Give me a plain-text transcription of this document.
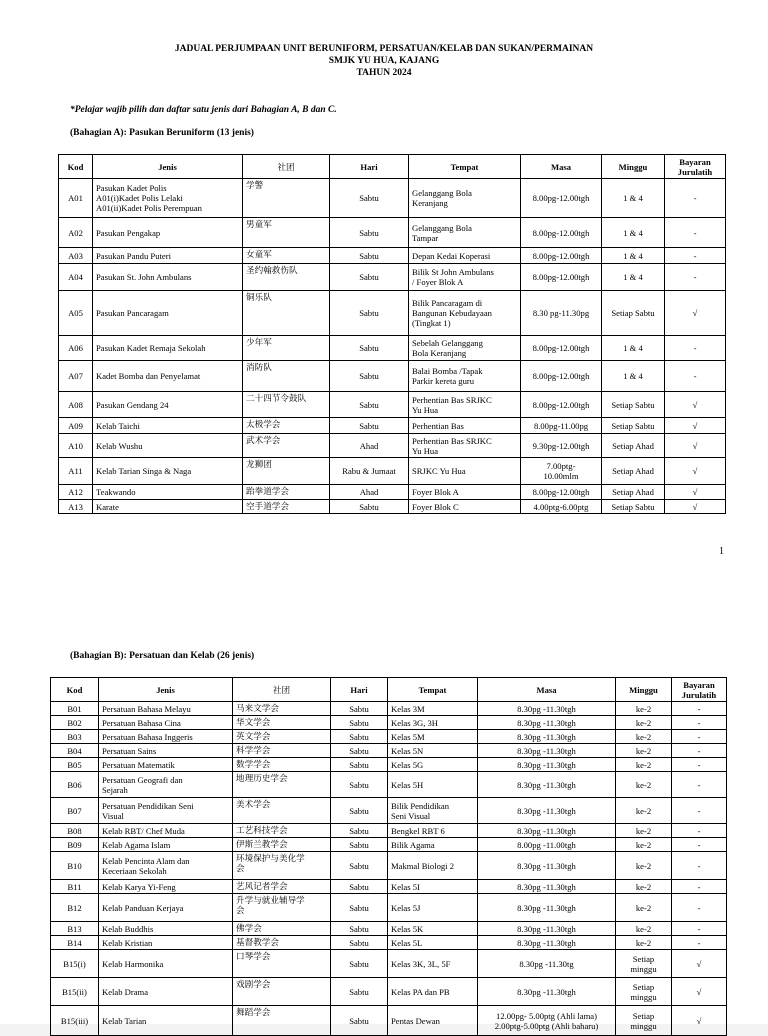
JADUAL PERJUMPAAN UNIT BERUNIFORM, PERSATUAN/KELAB DAN SUKAN/PERMAINAN
SMJK YU HUA, KAJANG
TAHUN 2024
*Pelajar wajib pilih dan daftar satu jenis dari Bahagian A, B dan C.
(Bahagian A): Pasukan Beruniform (13 jenis)
Kod	Jenis	社团	Hari	Tempat	Masa	Minggu	Bayaran Jurulatih
A01	Pasukan Kadet Polis
A01(i)Kadet Polis Lelaki
A01(ii)Kadet Polis Perempuan	学警	Sabtu	Gelanggang Bola
Keranjang	8.00pg-12.00tgh	1 & 4	-
A02	Pasukan Pengakap	男童军	Sabtu	Gelanggang Bola
Tampar	8.00pg-12.00tgh	1 & 4	-
A03	Pasukan Pandu Puteri	女童军	Sabtu	Depan Kedai Koperasi	8.00pg-12.00tgh	1 & 4	-
A04	Pasukan St. John Ambulans	圣约翰救伤队	Sabtu	Bilik St John Ambulans
/ Foyer Blok A	8.00pg-12.00tgh	1 & 4	-
A05	Pasukan Pancaragam	铜乐队	Sabtu	Bilik Pancaragam di
Bangunan Kebudayaan
(Tingkat 1)	8.30 pg-11.30pg	Setiap Sabtu	√
A06	Pasukan Kadet Remaja Sekolah	少年军	Sabtu	Sebelah Gelanggang
Bola Keranjang	8.00pg-12.00tgh	1 & 4	-
A07	Kadet Bomba dan Penyelamat	消防队	Sabtu	Balai Bomba /Tapak
Parkir kereta guru	8.00pg-12.00tgh	1 & 4	-
A08	Pasukan Gendang 24	二十四节令鼓队	Sabtu	Perhentian Bas SRJKC
Yu Hua	8.00pg-12.00tgh	Setiap Sabtu	√
A09	Kelab Taichi	太极学会	Sabtu	Perhentian Bas	8.00pg-11.00pg	Setiap Sabtu	√
A10	Kelab Wushu	武术学会	Ahad	Perhentian Bas SRJKC
Yu Hua	9.30pg-12.00tgh	Setiap Ahad	√
A11	Kelab Tarian Singa & Naga	龙狮团	Rabu & Jumaat	SRJKC Yu Hua	7.00ptg-
10.00mlm	Setiap Ahad	√
A12	Teakwando	跆拳道学会	Ahad	Foyer Blok A	8.00pg-12.00tgh	Setiap Ahad	√
A13	Karate	空手道学会	Sabtu	Foyer Blok C	4.00ptg-6.00ptg	Setiap Sabtu	√
1
(Bahagian B): Persatuan dan Kelab (26 jenis)
Kod	Jenis	社团	Hari	Tempat	Masa	Minggu	Bayaran Jurulatih
B01	Persatuan Bahasa Melayu	马来文学会	Sabtu	Kelas 3M	8.30pg -11.30tgh	ke-2	-
B02	Persatuan Bahasa Cina	华文学会	Sabtu	Kelas 3G, 3H	8.30pg -11.30tgh	ke-2	-
B03	Persatuan Bahasa Inggeris	英文学会	Sabtu	Kelas 5M	8.30pg -11.30tgh	ke-2	-
B04	Persatuan Sains	科学学会	Sabtu	Kelas 5N	8.30pg -11.30tgh	ke-2	-
B05	Persatuan Matematik	数学学会	Sabtu	Kelas 5G	8.30pg -11.30tgh	ke-2	-
B06	Persatuan Geografi dan
Sejarah	地理历史学会	Sabtu	Kelas 5H	8.30pg -11.30tgh	ke-2	-
B07	Persatuan Pendidikan Seni
Visual	美术学会	Sabtu	Bilik Pendidikan
Seni Visual	8.30pg -11.30tgh	ke-2	-
B08	Kelab RBT/ Chef Muda	工艺科技学会	Sabtu	Bengkel RBT 6	8.30pg -11.30tgh	ke-2	-
B09	Kelab Agama Islam	伊斯兰教学会	Sabtu	Bilik Agama	8.00pg -11.00tgh	ke-2	-
B10	Kelab Pencinta Alam dan
Keceriaan Sekolah	环境保护与美化学
会	Sabtu	Makmal Biologi 2	8.30pg -11.30tgh	ke-2	-
B11	Kelab Karya Yi-Feng	艺风记者学会	Sabtu	Kelas 5I	8.30pg -11.30tgh	ke-2	-
B12	Kelab Panduan Kerjaya	升学与就业辅导学
会	Sabtu	Kelas 5J	8.30pg -11.30tgh	ke-2	-
B13	Kelab Buddhis	佛学会	Sabtu	Kelas 5K	8.30pg -11.30tgh	ke-2	-
B14	Kelab Kristian	基督教学会	Sabtu	Kelas 5L	8.30pg -11.30tgh	ke-2	-
B15(i)	Kelab Harmonika	口琴学会	Sabtu	Kelas 3K, 3L, 5F	8.30pg -11.30tg	Setiap
minggu	√
B15(ii)	Kelab Drama	戏剧学会	Sabtu	Kelas PA dan PB	8.30pg -11.30tgh	Setiap
minggu	√
B15(iii)	Kelab Tarian	舞蹈学会	Sabtu	Pentas Dewan	12.00pg- 5.00ptg (Ahli lama)
2.00ptg-5.00ptg (Ahli baharu)	Setiap
minggu	√
